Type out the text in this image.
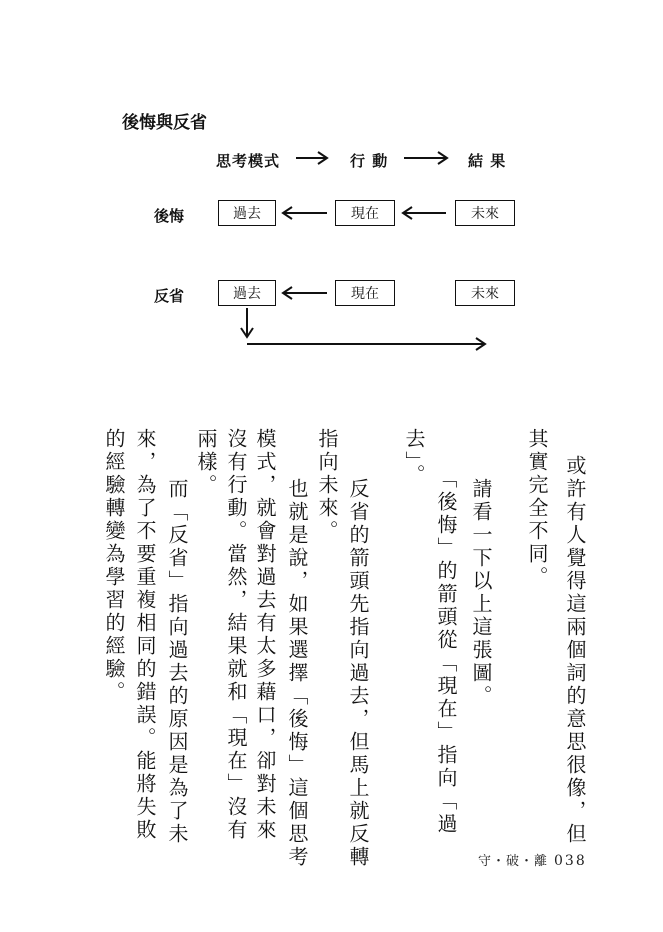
後悔與反省
思考模式	行 動	結 果
後悔	過去	現在	未來
反省	過去	現在	未來
或許有人覺得這兩個詞的意思很像，但
其實完全不同。
　請看一下以上這張圖。
　「後悔」的箭頭從「現在」指向「過
去」。
　反省的箭頭先指向過去，但馬上就反轉
指向未來。
　也就是說，如果選擇「後悔」這個思考
模式，就會對過去有太多藉口，卻對未來
沒有行動。當然，結果就和「現在」沒有
兩樣。
　而「反省」指向過去的原因是為了未
來，為了不要重複相同的錯誤。能將失敗
的經驗轉變為學習的經驗。
守・破・離 038
